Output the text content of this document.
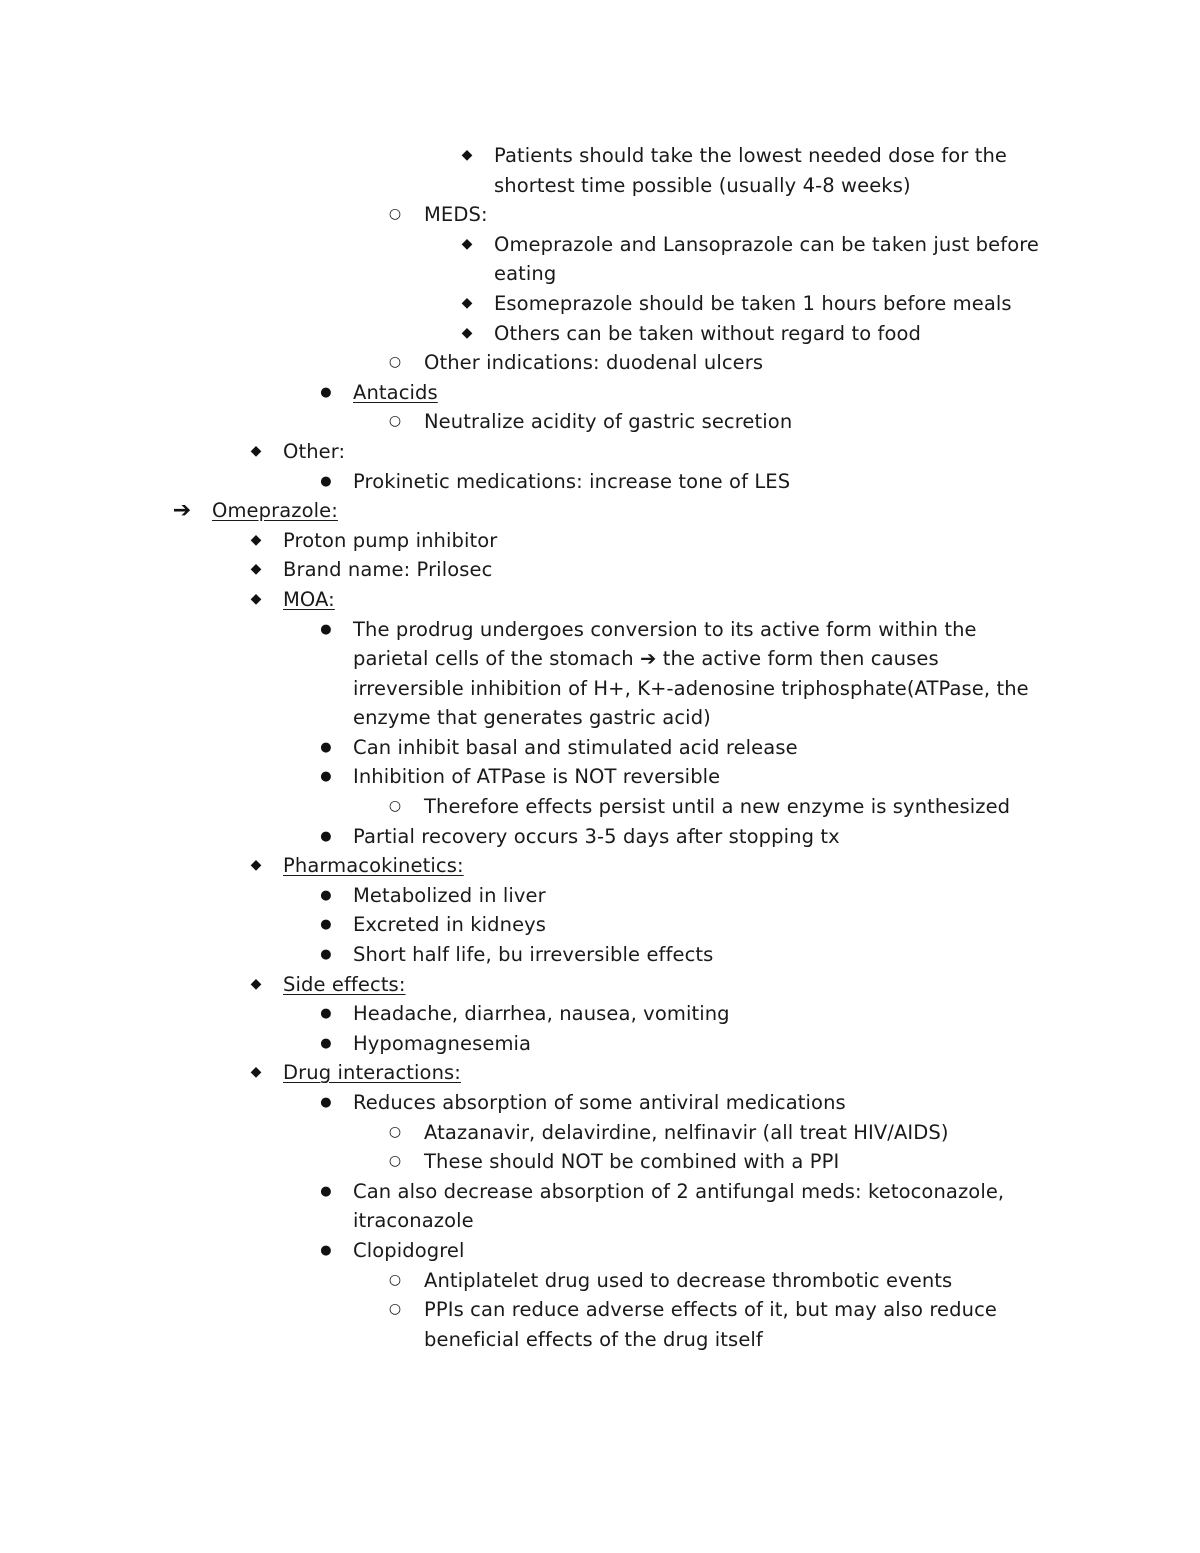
◆ Patients should take the lowest needed dose for the shortest time possible (usually 4-8 weeks)
○ MEDS:
◆ Omeprazole and Lansoprazole can be taken just before eating
◆ Esomeprazole should be taken 1 hours before meals
◆ Others can be taken without regard to food
○ Other indications: duodenal ulcers
● Antacids
○ Neutralize acidity of gastric secretion
◆ Other:
● Prokinetic medications: increase tone of LES
➔ Omeprazole:
◆ Proton pump inhibitor
◆ Brand name: Prilosec
◆ MOA:
● The prodrug undergoes conversion to its active form within the parietal cells of the stomach ➔ the active form then causes irreversible inhibition of H+, K+-adenosine triphosphate(ATPase, the enzyme that generates gastric acid)
● Can inhibit basal and stimulated acid release
● Inhibition of ATPase is NOT reversible
○ Therefore effects persist until a new enzyme is synthesized
● Partial recovery occurs 3-5 days after stopping tx
◆ Pharmacokinetics:
● Metabolized in liver
● Excreted in kidneys
● Short half life, bu irreversible effects
◆ Side effects:
● Headache, diarrhea, nausea, vomiting
● Hypomagnesemia
◆ Drug interactions:
● Reduces absorption of some antiviral medications
○ Atazanavir, delavirdine, nelfinavir (all treat HIV/AIDS)
○ These should NOT be combined with a PPI
● Can also decrease absorption of 2 antifungal meds: ketoconazole, itraconazole
● Clopidogrel
○ Antiplatelet drug used to decrease thrombotic events
○ PPIs can reduce adverse effects of it, but may also reduce beneficial effects of the drug itself
